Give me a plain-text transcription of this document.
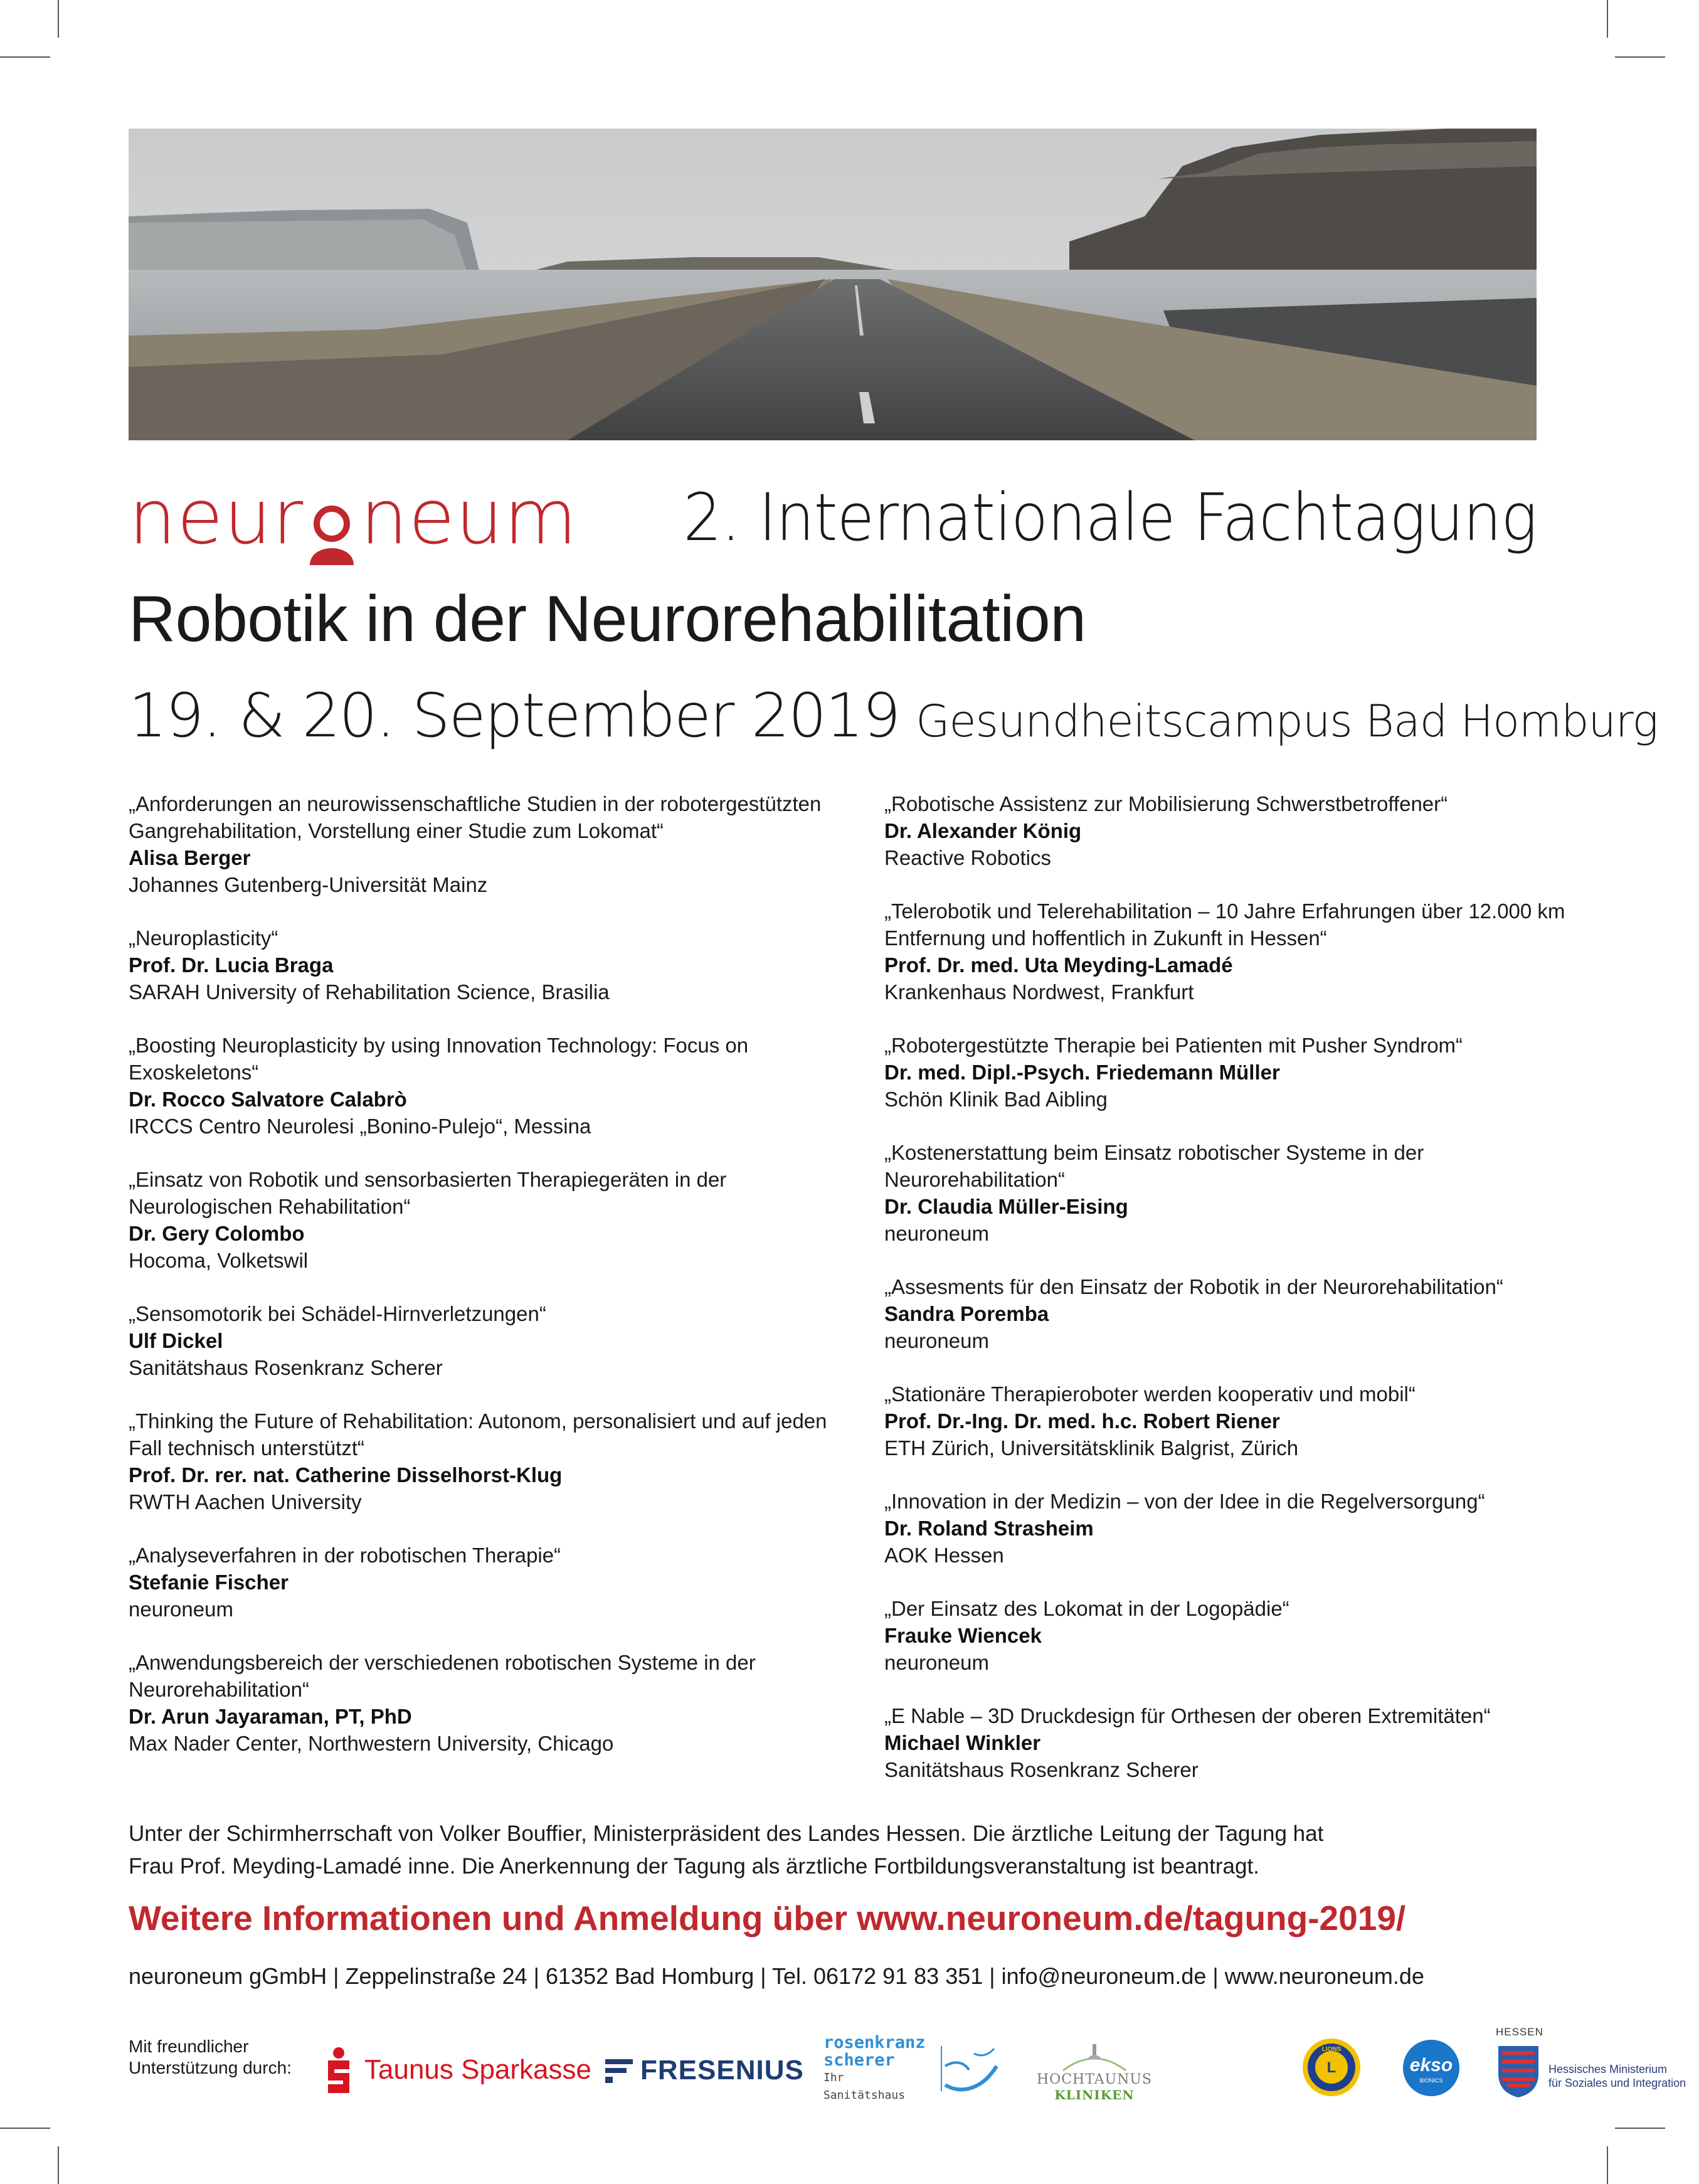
neur neum 2. Internationale Fachtagung
Robotik in der Neurorehabilitation
19. & 20. September 2019 Gesundheitscampus Bad Homburg
„Anforderungen an neurowissenschaftliche Studien in der robotergestützten Gangrehabilitation, Vorstellung einer Studie zum Lokomat“
Alisa Berger
Johannes Gutenberg-Universität Mainz
„Neuroplasticity“
Prof. Dr. Lucia Braga
SARAH University of Rehabilitation Science, Brasilia
„Boosting Neuroplasticity by using Innovation Technology: Focus on Exoskeletons“
Dr. Rocco Salvatore Calabrò
IRCCS Centro Neurolesi „Bonino-Pulejo“, Messina
„Einsatz von Robotik und sensorbasierten Therapiegeräten in der Neurologischen Rehabilitation“
Dr. Gery Colombo
Hocoma, Volketswil
„Sensomotorik bei Schädel-Hirnverletzungen“
Ulf Dickel
Sanitätshaus Rosenkranz Scherer
„Thinking the Future of Rehabilitation: Autonom, personalisiert und auf jeden Fall technisch unterstützt“
Prof. Dr. rer. nat. Catherine Disselhorst-Klug
RWTH Aachen University
„Analyseverfahren in der robotischen Therapie“
Stefanie Fischer
neuroneum
„Anwendungsbereich der verschiedenen robotischen Systeme in der Neurorehabilitation“
Dr. Arun Jayaraman, PT, PhD
Max Nader Center, Northwestern University, Chicago
„Robotische Assistenz zur Mobilisierung Schwerstbetroffener“
Dr. Alexander König
Reactive Robotics
„Telerobotik und Telerehabilitation – 10 Jahre Erfahrungen über 12.000 km Entfernung und hoffentlich in Zukunft in Hessen“
Prof. Dr. med. Uta Meyding-Lamadé
Krankenhaus Nordwest, Frankfurt
„Robotergestützte Therapie bei Patienten mit Pusher Syndrom“
Dr. med. Dipl.-Psych. Friedemann Müller
Schön Klinik Bad Aibling
„Kostenerstattung beim Einsatz robotischer Systeme in der Neurorehabilitation“
Dr. Claudia Müller-Eising
neuroneum
„Assesments für den Einsatz der Robotik in der Neurorehabilitation“
Sandra Poremba
neuroneum
„Stationäre Therapieroboter werden kooperativ und mobil“
Prof. Dr.-Ing. Dr. med. h.c. Robert Riener
ETH Zürich, Universitätsklinik Balgrist, Zürich
„Innovation in der Medizin – von der Idee in die Regelversorgung“
Dr. Roland Strasheim
AOK Hessen
„Der Einsatz des Lokomat in der Logopädie“
Frauke Wiencek
neuroneum
„E Nable – 3D Druckdesign für Orthesen der oberen Extremitäten“
Michael Winkler
Sanitätshaus Rosenkranz Scherer
Unter der Schirmherrschaft von Volker Bouffier, Ministerpräsident des Landes Hessen. Die ärztliche Leitung der Tagung hat
Frau Prof. Meyding-Lamadé inne. Die Anerkennung der Tagung als ärztliche Fortbildungsveranstaltung ist beantragt.
Weitere Informationen und Anmeldung über www.neuroneum.de/tagung-2019/
neuroneum gGmbH | Zeppelinstraße 24 | 61352 Bad Homburg | Tel. 06172 91 83 351 | info@neuroneum.de | www.neuroneum.de
Mit freundlicher
Unterstützung durch:	Taunus Sparkasse FRESENIUS
rosenkranz
scherer
Ihr Sanitätshaus
HOCHTAUNUS
KLINIKEN
L
LIONS
ekso
BIONICS
HESSEN
Hessisches Ministerium
für Soziales und Integration
